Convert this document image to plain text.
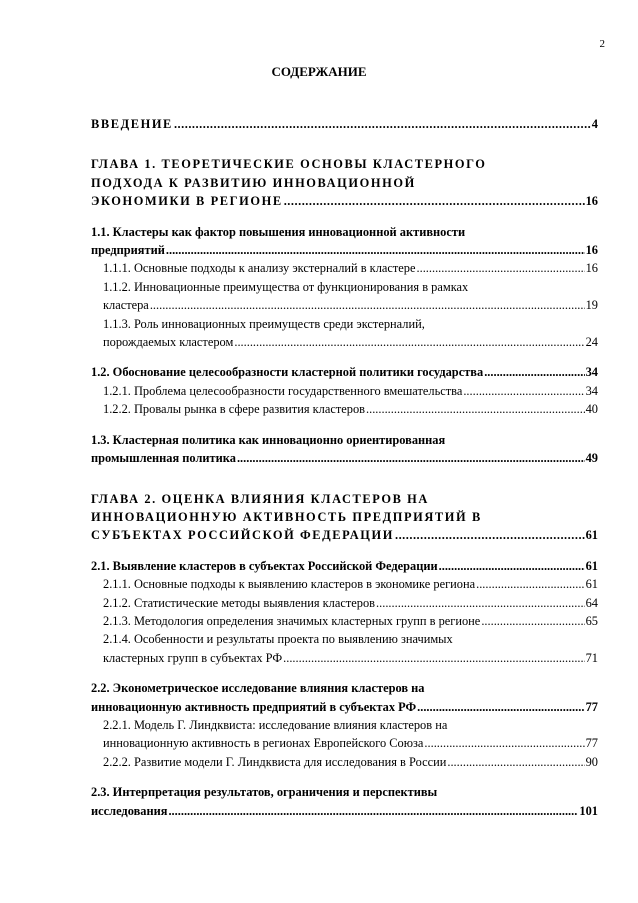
2
СОДЕРЖАНИЕ
ВВЕДЕНИЕ .....	4
ГЛАВА 1. ТЕОРЕТИЧЕСКИЕ ОСНОВЫ КЛАСТЕРНОГО
ПОДХОДА К РАЗВИТИЮ ИННОВАЦИОННОЙ
ЭКОНОМИКИ В РЕГИОНЕ .....	16
1.1. Кластеры как фактор повышения инновационной активности
предприятий .....	16
1.1.1. Основные подходы к анализу экстерналий в кластере .....	16
1.1.2. Инновационные преимущества от функционирования в рамках
кластера .....	19
1.1.3. Роль инновационных преимуществ среди экстерналий,
порождаемых кластером .....	24
1.2. Обоснование целесообразности кластерной политики государства .....	34
1.2.1. Проблема целесообразности государственного вмешательства .....	34
1.2.2. Провалы рынка в сфере развития кластеров .....	40
1.3. Кластерная политика как инновационно ориентированная
промышленная политика .....	49
ГЛАВА 2. ОЦЕНКА ВЛИЯНИЯ КЛАСТЕРОВ НА
ИННОВАЦИОННУЮ АКТИВНОСТЬ ПРЕДПРИЯТИЙ В
СУБЪЕКТАХ РОССИЙСКОЙ ФЕДЕРАЦИИ .....	61
2.1. Выявление кластеров в субъектах Российской Федерации .....	61
2.1.1. Основные подходы к выявлению кластеров в экономике региона .....	61
2.1.2. Статистические методы выявления кластеров .....	64
2.1.3. Методология определения значимых кластерных групп в регионе .....	65
2.1.4. Особенности и результаты проекта по выявлению значимых
кластерных групп в субъектах РФ .....	71
2.2. Эконометрическое исследование влияния кластеров на
инновационную активность предприятий в субъектах РФ .....	77
2.2.1. Модель Г. Линдквиста: исследование влияния кластеров на
инновационную активность в регионах Европейского Союза .....	77
2.2.2. Развитие модели Г. Линдквиста для исследования в России .....	90
2.3. Интерпретация результатов, ограничения и перспективы
исследования .....	101
